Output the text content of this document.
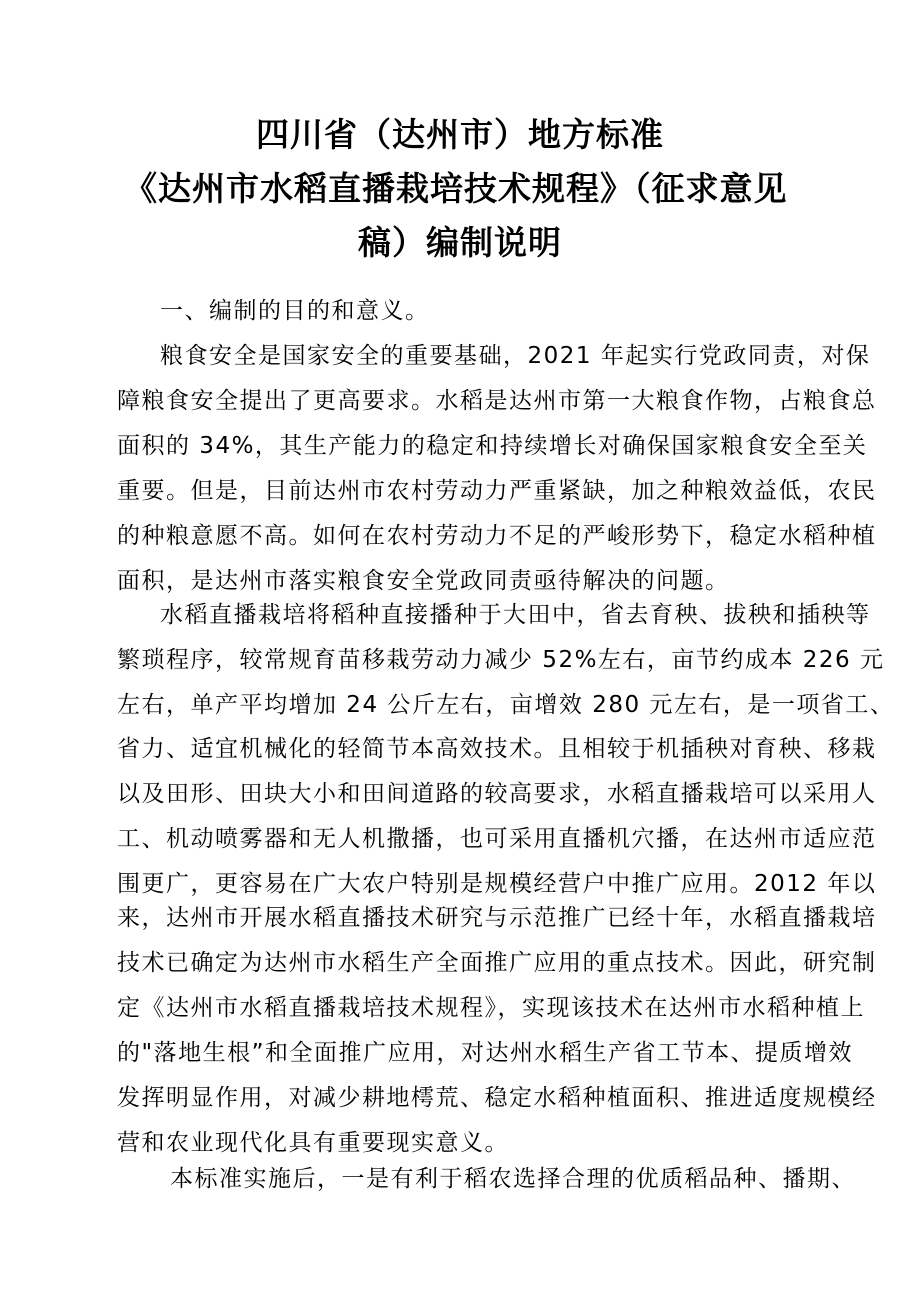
四川省（达州市）地方标准
《达州市水稻直播栽培技术规程》（征求意见
稿）编制说明
一、编制的目的和意义。
粮食安全是国家安全的重要基础，2021 年起实行党政同责，对保
障粮食安全提出了更高要求。水稻是达州市第一大粮食作物，占粮食总
面积的 34%，其生产能力的稳定和持续增长对确保国家粮食安全至关
重要。但是，目前达州市农村劳动力严重紧缺，加之种粮效益低，农民
的种粮意愿不高。如何在农村劳动力不足的严峻形势下，稳定水稻种植
面积，是达州市落实粮食安全党政同责亟待解决的问题。
水稻直播栽培将稻种直接播种于大田中，省去育秧、拔秧和插秧等
繁琐程序，较常规育苗移栽劳动力减少 52%左右，亩节约成本 226 元
左右，单产平均增加 24 公斤左右，亩增效 280 元左右，是一项省工、
省力、适宜机械化的轻简节本高效技术。且相较于机插秧对育秧、移栽
以及田形、田块大小和田间道路的较高要求，水稻直播栽培可以采用人
工、机动喷雾器和无人机撒播，也可采用直播机穴播，在达州市适应范
围更广，更容易在广大农户特别是规模经营户中推广应用。2012 年以
来，达州市开展水稻直播技术研究与示范推广已经十年，水稻直播栽培
技术已确定为达州市水稻生产全面推广应用的重点技术。因此，研究制
定《达州市水稻直播栽培技术规程》，实现该技术在达州市水稻种植上
的"落地生根”和全面推广应用，对达州水稻生产省工节本、提质增效
发挥明显作用，对减少耕地樗荒、稳定水稻种植面积、推进适度规模经
营和农业现代化具有重要现实意义。
本标准实施后，一是有利于稻农选择合理的优质稻品种、播期、
